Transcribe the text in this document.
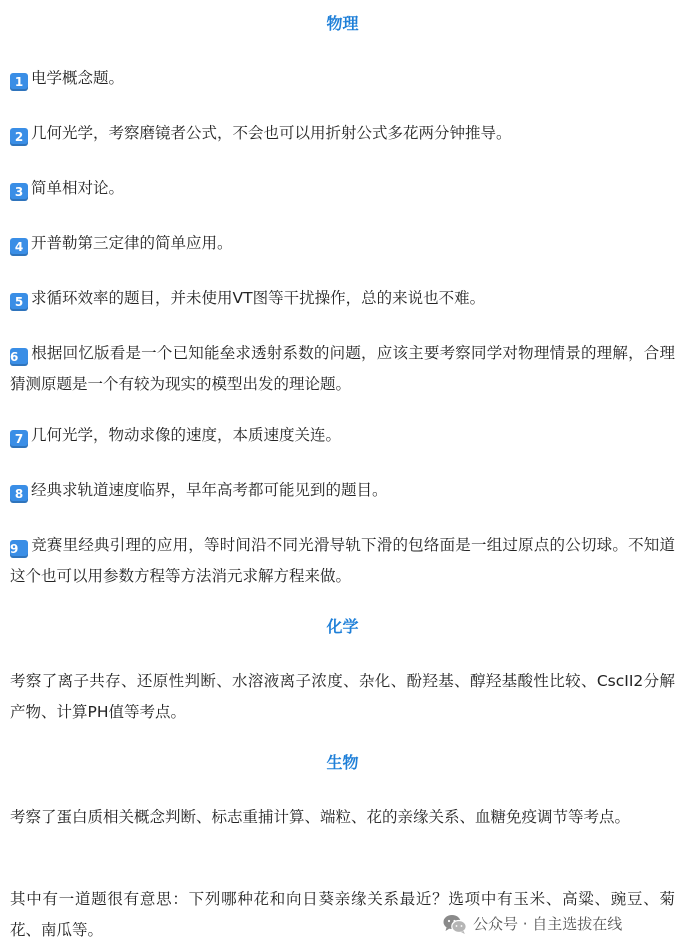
物理
1 电学概念题。
2 几何光学，考察磨镜者公式，不会也可以用折射公式多花两分钟推导。
3 简单相对论。
4 开普勒第三定律的简单应用。
5 求循环效率的题目，并未使用VT图等干扰操作，总的来说也不难。
6 根据回忆版看是一个已知能垒求透射系数的问题，应该主要考察同学对物理情景的理解，合理猜测原题是一个有较为现实的模型出发的理论题。
7 几何光学，物动求像的速度，本质速度关连。
8 经典求轨道速度临界，早年高考都可能见到的题目。
9 竞赛里经典引理的应用，等时间沿不同光滑导轨下滑的包络面是一组过原点的公切球。不知道这个也可以用参数方程等方法消元求解方程来做。
化学
考察了离子共存、还原性判断、水溶液离子浓度、杂化、酚羟基、醇羟基酸性比较、CscII2分解产物、计算PH值等考点。
生物
考察了蛋白质相关概念判断、标志重捕计算、端粒、花的亲缘关系、血糖免疫调节等考点。
其中有一道题很有意思：下列哪种花和向日葵亲缘关系最近？选项中有玉米、高粱、豌豆、菊花、南瓜等。	公众号 · 自主选拔在线
